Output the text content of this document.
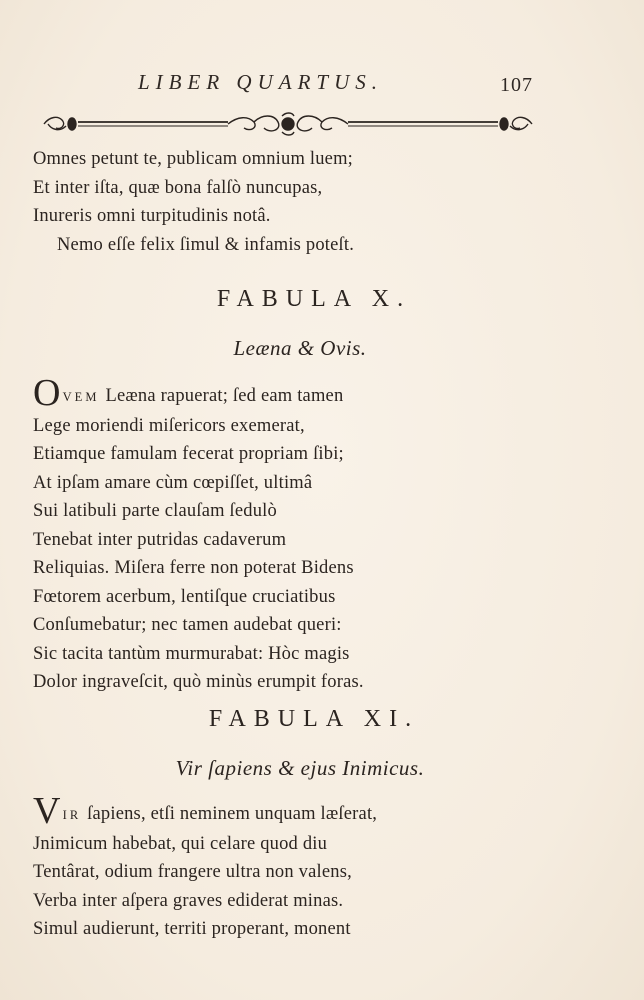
LIBER QUARTUS.	107
Omnes petunt te, publicam omnium luem;
Et inter iſta, quæ bona falſò nuncupas,
Inureris omni turpitudinis notâ.
Nemo eſſe felix ſimul & infamis poteſt.
FABULA X.
Leæna & Ovis.
OVEM Leæna rapuerat; ſed eam tamen
Lege moriendi miſericors exemerat,
Etiamque famulam fecerat propriam ſibi;
At ipſam amare cùm cœpiſſet, ultimâ
Sui latibuli parte clauſam ſedulò
Tenebat inter putridas cadaverum
Reliquias. Miſera ferre non poterat Bidens
Fœtorem acerbum, lentiſque cruciatibus
Conſumebatur; nec tamen audebat queri:
Sic tacita tantùm murmurabat: Hòc magis
Dolor ingraveſcit, quò minùs erumpit foras.
FABULA XI.
Vir ſapiens & ejus Inimicus.
VIR ſapiens, etſi neminem unquam læſerat,
Jnimicum habebat, qui celare quod diu
Tentârat, odium frangere ultra non valens,
Verba inter aſpera graves ediderat minas.
Simul audierunt, territi properant, monent
